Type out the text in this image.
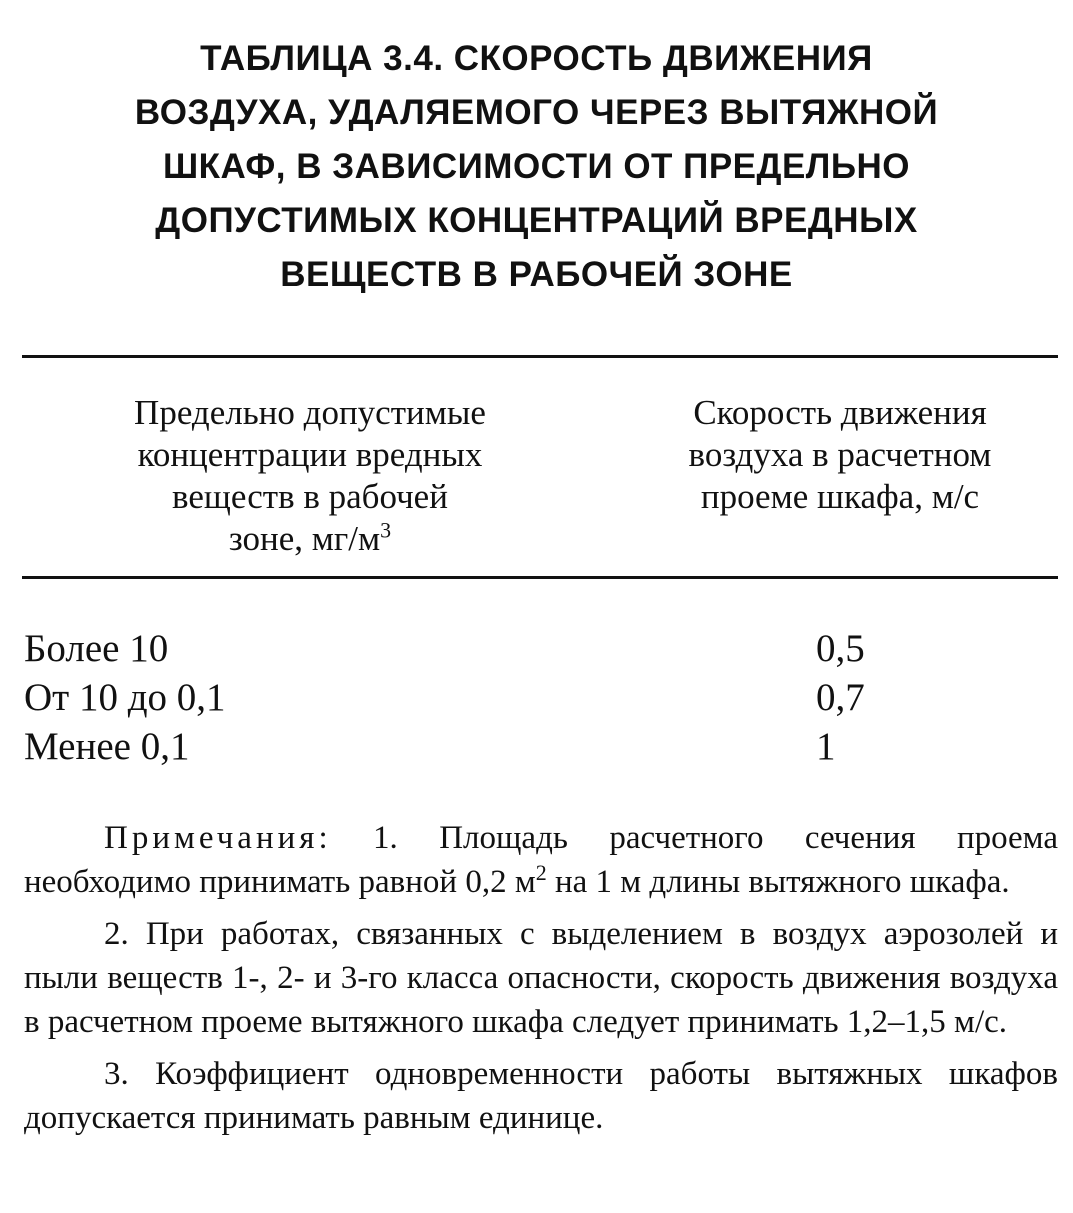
ТАБЛИЦА 3.4. СКОРОСТЬ ДВИЖЕНИЯ
ВОЗДУХА, УДАЛЯЕМОГО ЧЕРЕЗ ВЫТЯЖНОЙ
ШКАФ, В ЗАВИСИМОСТИ ОТ ПРЕДЕЛЬНО
ДОПУСТИМЫХ КОНЦЕНТРАЦИЙ ВРЕДНЫХ
ВЕЩЕСТВ В РАБОЧЕЙ ЗОНЕ
Предельно допустимые
концентрации вредных
веществ в рабочей
зоне, $мг/м^3$
Скорость движения
воздуха в расчетном
проеме шкафа, м/с
Более 10	0,5
От 10 до 0,1	0,7
Менее 0,1	1

Примечания: 1. Площадь расчетного сечения проема необходимо принимать равной 0,2 $м^2$ на 1 м длины вытяжного шкафа.

2. При работах, связанных с выделением в воздух аэрозолей и пыли веществ 1-, 2- и 3-го класса опасности, скорость движения воздуха в расчетном проеме вытяжного шкафа следует принимать 1,2–1,5 м/с.

3. Коэффициент одновременности работы вытяжных шкафов допускается принимать равным единице.
